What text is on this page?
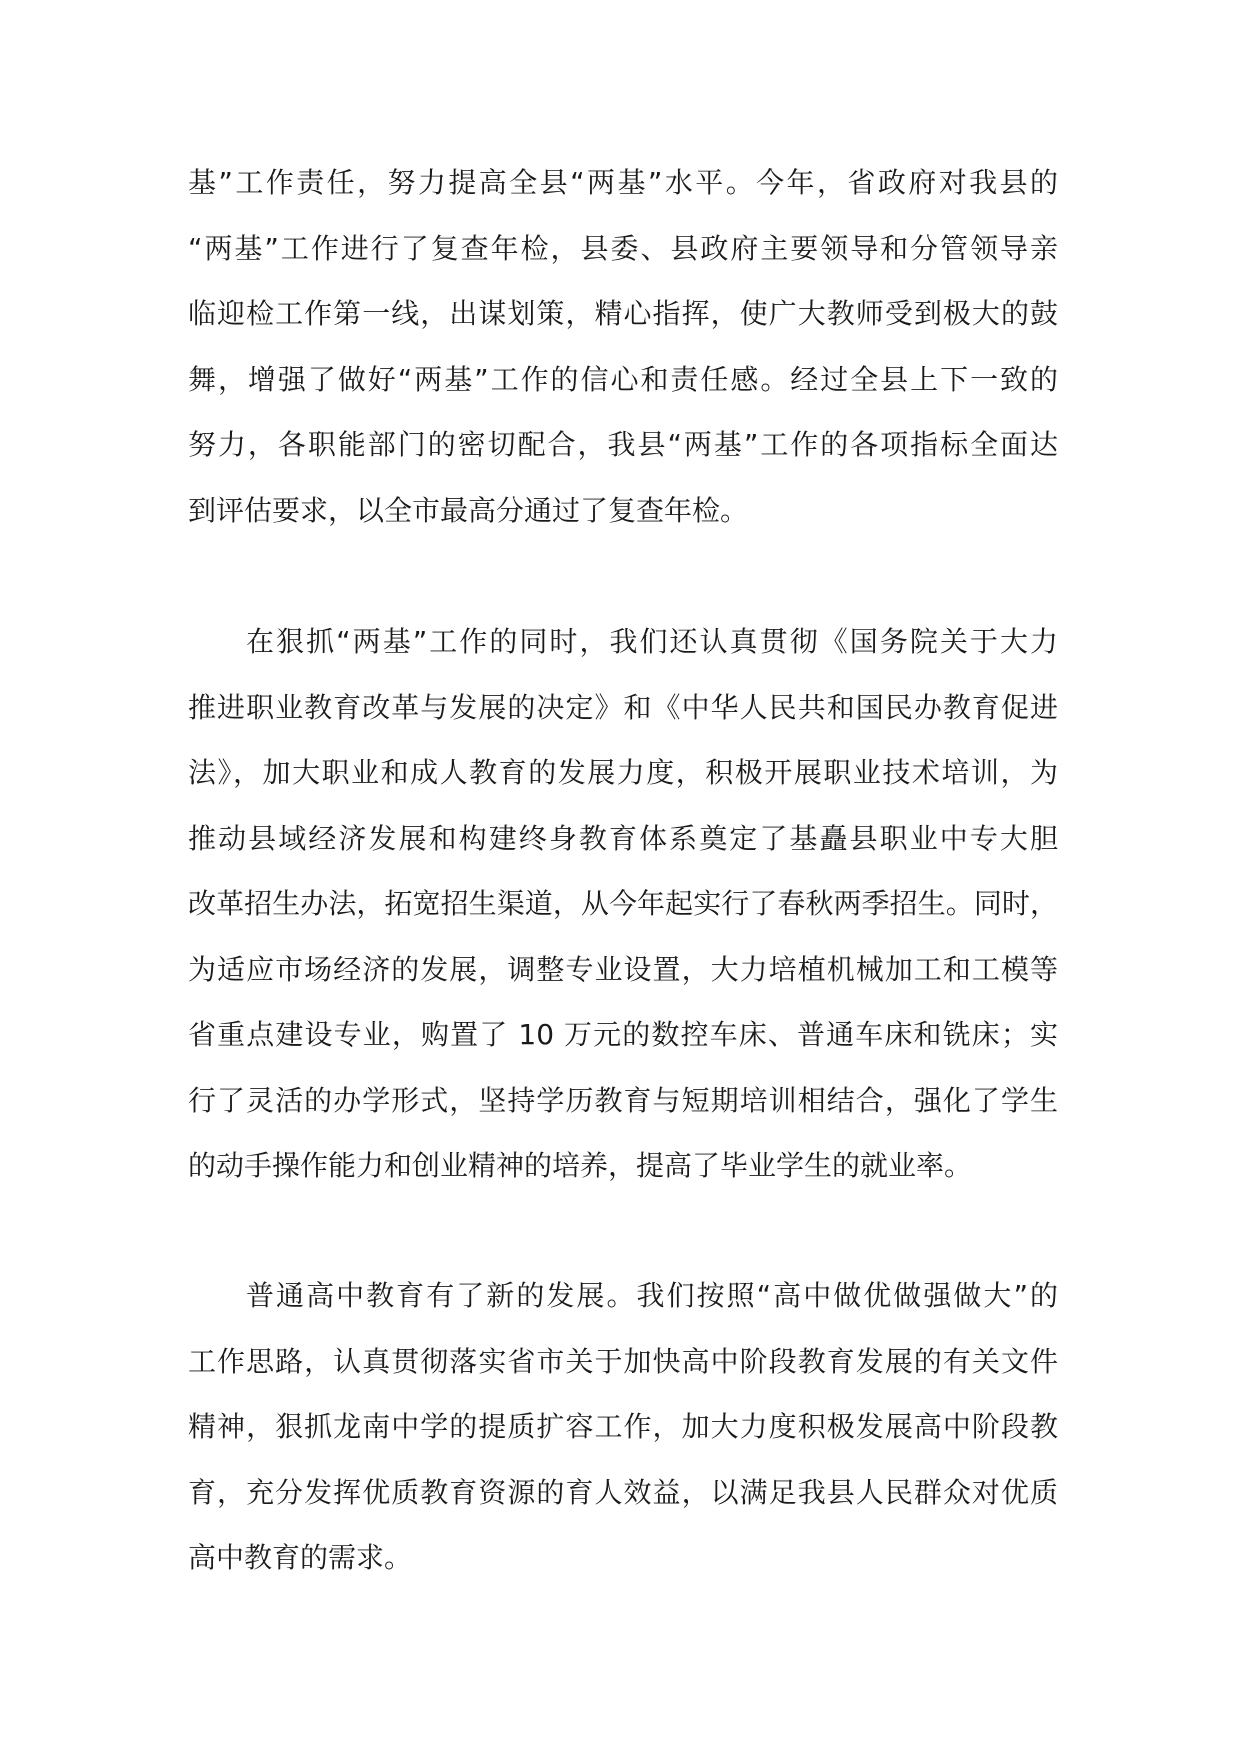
基”工作责任，努力提高全县“两基”水平。今年，省政府对我县的
“两基”工作进行了复查年检，县委、县政府主要领导和分管领导亲
临迎检工作第一线，出谋划策，精心指挥，使广大教师受到极大的鼓
舞，增强了做好“两基”工作的信心和责任感。经过全县上下一致的
努力，各职能部门的密切配合，我县“两基”工作的各项指标全面达
到评估要求，以全市最高分通过了复查年检。
在狠抓“两基”工作的同时，我们还认真贯彻《国务院关于大力
推进职业教育改革与发展的决定》和《中华人民共和国民办教育促进
法》，加大职业和成人教育的发展力度，积极开展职业技术培训，为
推动县域经济发展和构建终身教育体系奠定了基矗县职业中专大胆
改革招生办法，拓宽招生渠道，从今年起实行了春秋两季招生。同时，
为适应市场经济的发展，调整专业设置，大力培植机械加工和工模等
省重点建设专业，购置了 10 万元的数控车床、普通车床和铣床；实
行了灵活的办学形式，坚持学历教育与短期培训相结合，强化了学生
的动手操作能力和创业精神的培养，提高了毕业学生的就业率。
普通高中教育有了新的发展。我们按照“高中做优做强做大”的
工作思路，认真贯彻落实省市关于加快高中阶段教育发展的有关文件
精神，狠抓龙南中学的提质扩容工作，加大力度积极发展高中阶段教
育，充分发挥优质教育资源的育人效益，以满足我县人民群众对优质
高中教育的需求。
